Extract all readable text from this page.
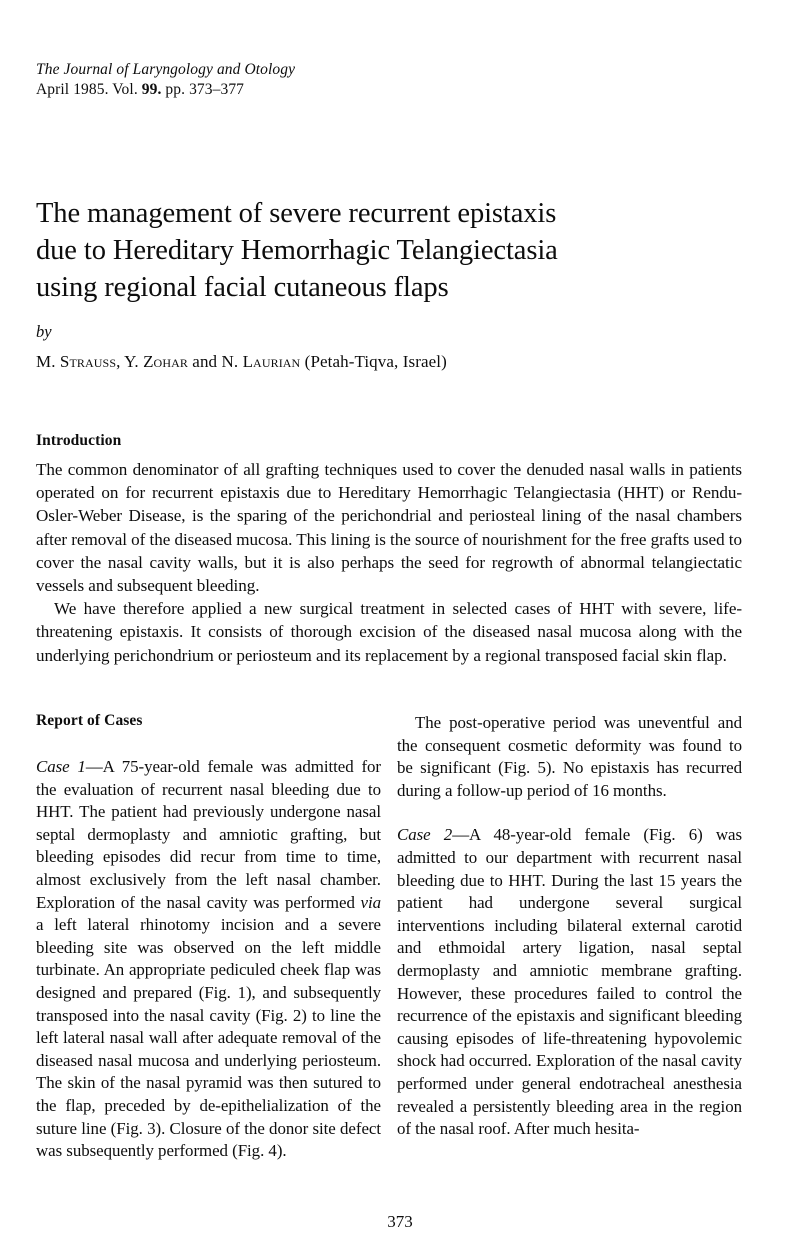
The Journal of Laryngology and Otology
April 1985. Vol. 99. pp. 373–377
The management of severe recurrent epistaxis
due to Hereditary Hemorrhagic Telangiectasia
using regional facial cutaneous flaps
by
M. Strauss, Y. Zohar and N. Laurian (Petah-Tiqva, Israel)
Introduction

The common denominator of all grafting techniques used to cover the denuded nasal walls in patients operated on for recurrent epistaxis due to Hereditary Hemorrhagic Telangiectasia (HHT) or Rendu-Osler-Weber Disease, is the sparing of the perichondrial and periosteal lining of the nasal chambers after removal of the diseased mucosa. This lining is the source of nourishment for the free grafts used to cover the nasal cavity walls, but it is also perhaps the seed for regrowth of abnormal telangiectatic vessels and subsequent bleeding.

We have therefore applied a new surgical treatment in selected cases of HHT with severe, life-threatening epistaxis. It consists of thorough excision of the diseased nasal mucosa along with the underlying perichondrium or periosteum and its replacement by a regional transposed facial skin flap.

Report of Cases

Case 1—A 75-year-old female was admitted for the evaluation of recurrent nasal bleeding due to HHT. The patient had previously undergone nasal septal dermoplasty and amniotic grafting, but bleeding episodes did recur from time to time, almost exclusively from the left nasal chamber. Exploration of the nasal cavity was performed via a left lateral rhinotomy incision and a severe bleeding site was observed on the left middle turbinate. An appropriate pediculed cheek flap was designed and prepared (Fig. 1), and subsequently transposed into the nasal cavity (Fig. 2) to line the left lateral nasal wall after adequate removal of the diseased nasal mucosa and underlying periosteum. The skin of the nasal pyramid was then sutured to the flap, preceded by de-epithelialization of the suture line (Fig. 3). Closure of the donor site defect was subsequently performed (Fig. 4).

The post-operative period was uneventful and the consequent cosmetic deformity was found to be significant (Fig. 5). No epistaxis has recurred during a follow-up period of 16 months.

Case 2—A 48-year-old female (Fig. 6) was admitted to our department with recurrent nasal bleeding due to HHT. During the last 15 years the patient had undergone several surgical interventions including bilateral external carotid and ethmoidal artery ligation, nasal septal dermoplasty and amniotic membrane grafting. However, these procedures failed to control the recurrence of the epistaxis and significant bleeding causing episodes of life-threatening hypovolemic shock had occurred. Exploration of the nasal cavity performed under general endotracheal anesthesia revealed a persistently bleeding area in the region of the nasal roof. After much hesita-

373
